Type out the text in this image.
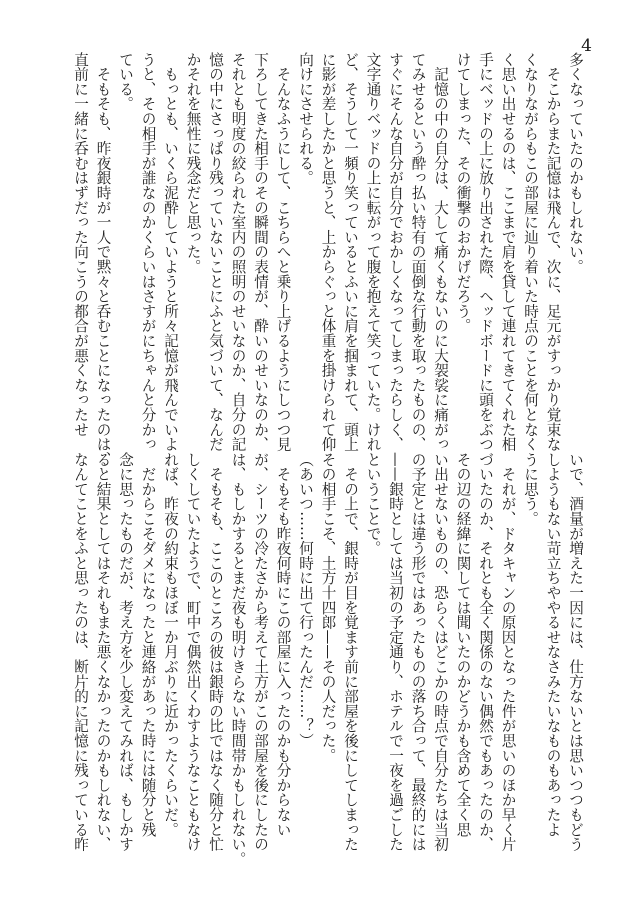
4
多くなっていたのかもしれない。
　そこからまた記憶は飛んで、次に、足元がすっかり覚束な
くなりながらもこの部屋に辿り着いた時点のことを何となく
く思い出せるのは、ここまで肩を貸して連れてきてくれた相
手にベッドの上に放り出された際、ヘッドボードに頭をぶつ
けてしまった、その衝撃のおかげだろう。
　記憶の中の自分は、大して痛くもないのに大袈裟に痛がっ
てみせるという酔っ払い特有の面倒な行動を取ったものの、
すぐにそんな自分が自分でおかしくなってしまったらしく、
文字通りベッドの上に転がって腹を抱えて笑っていた。けれ
ど、そうして一頻り笑っているとふいに肩を掴まれて、頭上
に影が差したかと思うと、上からぐっと体重を掛けられて仰
向けにさせられる。
　そんなふうにして、こちらへと乗り上げるようにしつつ見
下ろしてきた相手のその瞬間の表情が、酔いのせいなのか、
それとも明度の絞られた室内の照明のせいなのか、自分の記
憶の中にさっぱり残っていないことにふと気づいて、なんだ
かそれを無性に残念だと思った。
　もっとも、いくら泥酔していようと所々記憶が飛んでいよ
うと、その相手が誰なのかくらいはさすがにちゃんと分かっ
ている。
　そもそも、昨夜銀時が一人で黙々と呑むことになったのは、
直前に一緒に呑むはずだった向こうの都合が悪くなったせ
いで、酒量が増えた一因には、仕方ないとは思いつつもどう
しようもない苛立ちややるせなさみたいなものもあったよ
うに思う。
　それが、ドタキャンの原因となった件が思いのほか早く片
づいたのか、それとも全く関係のない偶然でもあったのか、
その辺の経緯に関しては聞いたのかどうかも含めて全く思
い出せないものの、恐らくはどこかの時点で自分たちは当初
の予定とは違う形ではあったものの落ち合って、最終的には
——銀時としては当初の予定通り、ホテルで一夜を過ごした
ということで。
　その上で、銀時が目を覚ます前に部屋を後にしてしまった
その相手こそ、土方十四郎——その人だった。
（あいつ……何時に出て行ったんだ……？）
　そもそも昨夜何時にこの部屋に入ったのかも分からない
が、シーツの冷たさから考えて土方がこの部屋を後にしたの
は、もしかするとまだ夜も明けきらない時間帯かもしれない。
　そもそも、ここのところの彼は銀時の比ではなく随分と忙
しくしていたようで、町中で偶然出くわすようなこともなけ
れば、昨夜の約束もほぼ一か月ぶりに近かったくらいだ。
　だからこそダメになったと連絡があった時には随分と残
念に思ったものだが、考え方を少し変えてみれば、もしかす
ると結果としてはそれもまた悪くなかったのかもしれない、
なんてことをふと思ったのは、断片的に記憶に残っている昨
